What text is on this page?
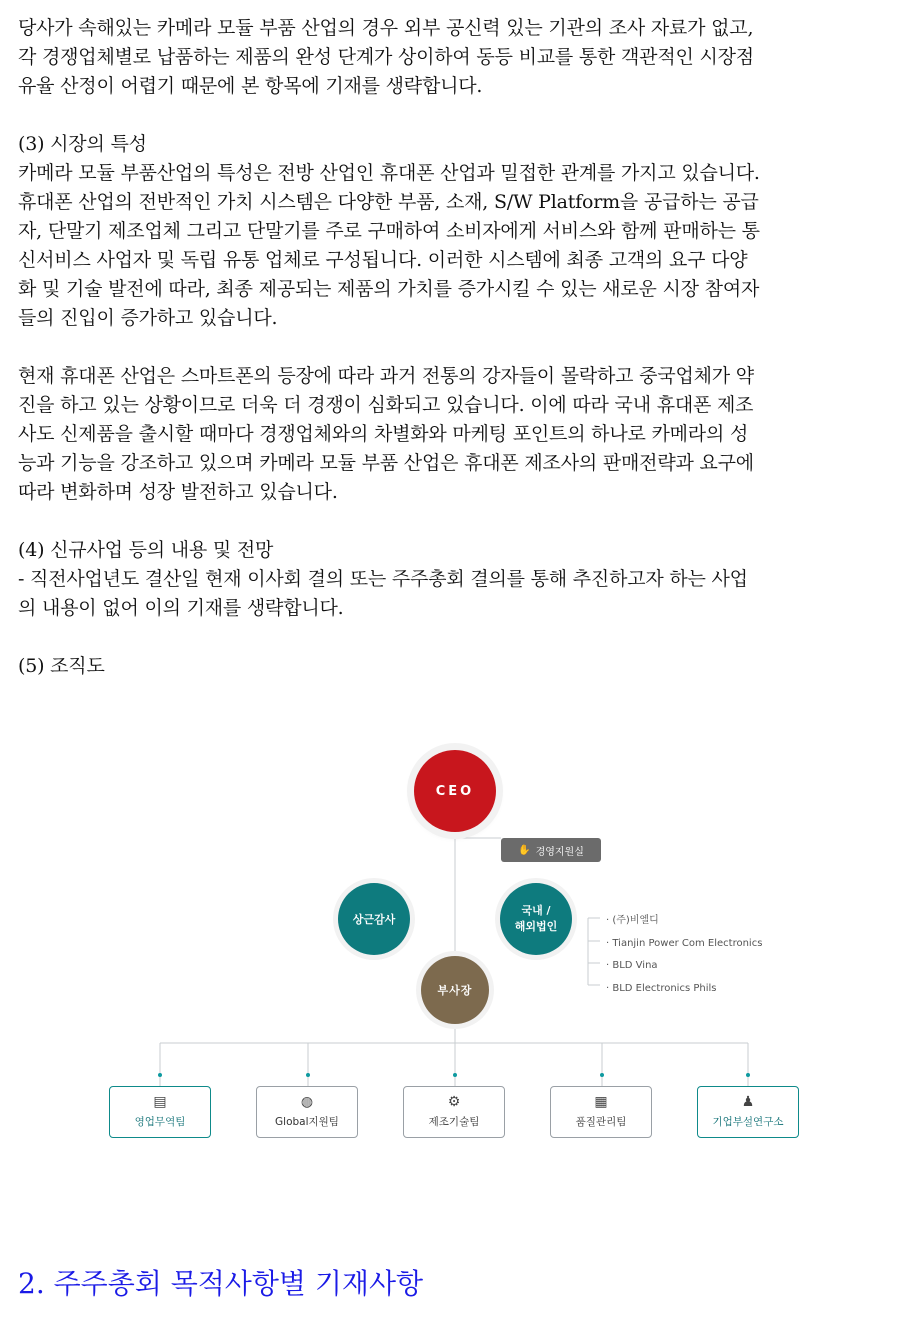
당사가 속해있는 카메라 모듈 부품 산업의 경우 외부 공신력 있는 기관의 조사 자료가 없고,
각 경쟁업체별로 납품하는 제품의 완성 단계가 상이하여 동등 비교를 통한 객관적인 시장점
유율 산정이 어렵기 때문에 본 항목에 기재를 생략합니다.

(3) 시장의 특성
카메라 모듈 부품산업의 특성은 전방 산업인 휴대폰 산업과 밀접한 관계를 가지고 있습니다.
휴대폰 산업의 전반적인 가치 시스템은 다양한 부품, 소재, S/W Platform을 공급하는 공급
자, 단말기 제조업체 그리고 단말기를 주로 구매하여 소비자에게 서비스와 함께 판매하는 통
신서비스 사업자 및 독립 유통 업체로 구성됩니다. 이러한 시스템에 최종 고객의 요구 다양
화 및 기술 발전에 따라, 최종 제공되는 제품의 가치를 증가시킬 수 있는 새로운 시장 참여자
들의 진입이 증가하고 있습니다.

현재 휴대폰 산업은 스마트폰의 등장에 따라 과거 전통의 강자들이 몰락하고 중국업체가 약
진을 하고 있는 상황이므로 더욱 더 경쟁이 심화되고 있습니다. 이에 따라 국내 휴대폰 제조
사도 신제품을 출시할 때마다 경쟁업체와의 차별화와 마케팅 포인트의 하나로 카메라의 성
능과 기능을 강조하고 있으며 카메라 모듈 부품 산업은 휴대폰 제조사의 판매전략과 요구에
따라 변화하며 성장 발전하고 있습니다.

(4) 신규사업 등의 내용 및 전망
- 직전사업년도 결산일 현재 이사회 결의 또는 주주총회 결의를 통해 추진하고자 하는 사업
의 내용이 없어 이의 기재를 생략합니다.

(5) 조직도

CEO
✋ 경영지원실
상근감사
국내 /
해외법인	· (주)비엘디
· Tianjin Power Com Electronics
· BLD Vina
· BLD Electronics Phils
부사장
▤
영업무역팀
◍
Global지원팀
⚙
제조기술팀
▦
품질관리팀
♟
기업부설연구소
2. 주주총회 목적사항별 기재사항
